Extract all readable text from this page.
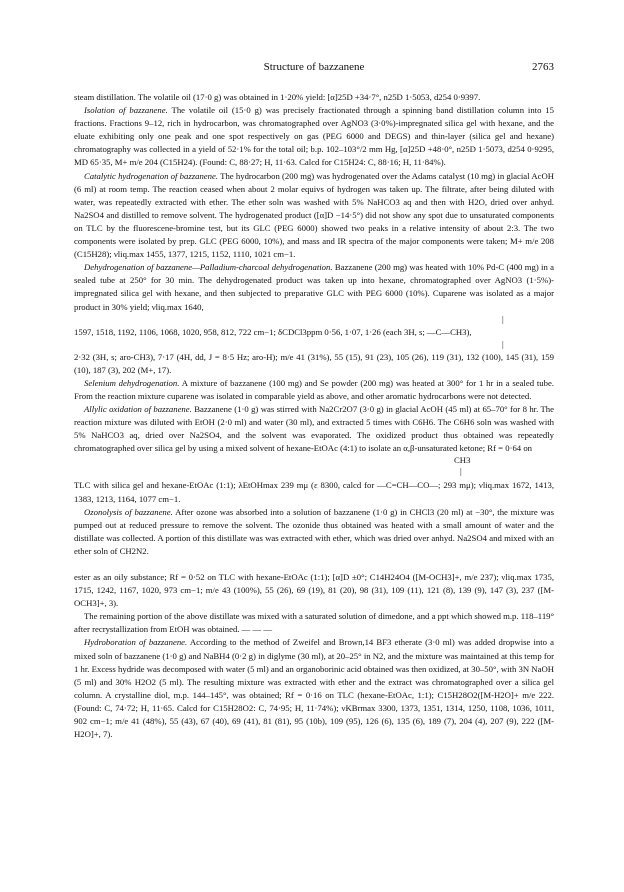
Structure of bazzanene	2763

steam distillation. The volatile oil (17·0 g) was obtained in 1·20% yield: [α]25D +34·7°, n25D 1·5053, d254 0·9397.

Isolation of bazzanene. The volatile oil (15·0 g) was precisely fractionated through a spinning band distillation column into 15 fractions. Fractions 9–12, rich in hydrocarbon, was chromatographed over AgNO3 (3·0%)-impregnated silica gel with hexane, and the eluate exhibiting only one peak and one spot respectively on gas (PEG 6000 and DEGS) and thin-layer (silica gel and hexane) chromatography was collected in a yield of 52·1% for the total oil; b.p. 102–103°/2 mm Hg, [α]25D +48·0°, n25D 1·5073, d254 0·9295, MD 65·35, M+ m/e 204 (C15H24). (Found: C, 88·27; H, 11·63. Calcd for C15H24: C, 88·16; H, 11·84%).

Catalytic hydrogenation of bazzanene. The hydrocarbon (200 mg) was hydrogenated over the Adams catalyst (10 mg) in glacial AcOH (6 ml) at room temp. The reaction ceased when about 2 molar equivs of hydrogen was taken up. The filtrate, after being diluted with water, was repeatedly extracted with ether. The ether soln was washed with 5% NaHCO3 aq and then with H2O, dried over anhyd. Na2SO4 and distilled to remove solvent. The hydrogenated product ([α]D −14·5°) did not show any spot due to unsaturated components on TLC by the fluorescene-bromine test, but its GLC (PEG 6000) showed two peaks in a relative intensity of about 2:3. The two components were isolated by prep. GLC (PEG 6000, 10%), and mass and IR spectra of the major components were taken; M+ m/e 208 (C15H28); νliq.max 1455, 1377, 1215, 1152, 1110, 1021 cm−1.

Dehydrogenation of bazzanene—Palladium-charcoal dehydrogenation. Bazzanene (200 mg) was heated with 10% Pd-C (400 mg) in a sealed tube at 250° for 30 min. The dehydrogenated product was taken up into hexane, chromatographed over AgNO3 (1·5%)-impregnated silica gel with hexane, and then subjected to preparative GLC with PEG 6000 (10%). Cuparene was isolated as a major product in 30% yield; νliq.max 1640,

|

1597, 1518, 1192, 1106, 1068, 1020, 958, 812, 722 cm−1; δCDCl3ppm 0·56, 1·07, 1·26 (each 3H, s; —C—CH3),

|

2·32 (3H, s; aro-CH3), 7·17 (4H, dd, J = 8·5 Hz; aro-H); m/e 41 (31%), 55 (15), 91 (23), 105 (26), 119 (31), 132 (100), 145 (31), 159 (10), 187 (3), 202 (M+, 17).

Selenium dehydrogenation. A mixture of bazzanene (100 mg) and Se powder (200 mg) was heated at 300° for 1 hr in a sealed tube. From the reaction mixture cuparene was isolated in comparable yield as above, and other aromatic hydrocarbons were not detected.

Allylic oxidation of bazzanene. Bazzanene (1·0 g) was stirred with Na2Cr2O7 (3·0 g) in glacial AcOH (45 ml) at 65–70° for 8 hr. The reaction mixture was diluted with EtOH (2·0 ml) and water (30 ml), and extracted 5 times with C6H6. The C6H6 soln was washed with 5% NaHCO3 aq, dried over Na2SO4, and the solvent was evaporated. The oxidized product thus obtained was repeatedly chromatographed over silica gel by using a mixed solvent of hexane-EtOAc (4:1) to isolate an α,β-unsaturated ketone; Rf = 0·64 on

CH3
|

TLC with silica gel and hexane-EtOAc (1:1); λEtOHmax 239 mμ (ε 8300, calcd for —C=CH—CO—; 293 mμ); νliq.max 1672, 1413, 1383, 1213, 1164, 1077 cm−1.

Ozonolysis of bazzanene. After ozone was absorbed into a solution of bazzanene (1·0 g) in CHCl3 (20 ml) at −30°, the mixture was pumped out at reduced pressure to remove the solvent. The ozonide thus obtained was heated with a small amount of water and the distillate was collected. A portion of this distillate was was extracted with ether, which was dried over anhyd. Na2SO4 and mixed with an ether soln of CH2N2.

ester as an oily substance; Rf = 0·52 on TLC with hexane-EtOAc (1:1); [α]D ±0°; C14H24O4 ([M-OCH3]+, m/e 237); νliq.max 1735, 1715, 1242, 1167, 1020, 973 cm−1; m/e 43 (100%), 55 (26), 69 (19), 81 (20), 98 (31), 109 (11), 121 (8), 139 (9), 147 (3), 237 ([M-OCH3]+, 3).

The remaining portion of the above distillate was mixed with a saturated solution of dimedone, and a ppt which showed m.p. 118–119° after recrystallization from EtOH was obtained. — — —

Hydroboration of bazzanene. According to the method of Zweifel and Brown,14 BF3 etherate (3·0 ml) was added dropwise into a mixed soln of bazzanene (1·0 g) and NaBH4 (0·2 g) in diglyme (30 ml), at 20–25° in N2, and the mixture was maintained at this temp for 1 hr. Excess hydride was decomposed with water (5 ml) and an organoborinic acid obtained was then oxidized, at 30–50°, with 3N NaOH (5 ml) and 30% H2O2 (5 ml). The resulting mixture was extracted with ether and the extract was chromatographed over a silica gel column. A crystalline diol, m.p. 144–145°, was obtained; Rf = 0·16 on TLC (hexane-EtOAc, 1:1); C15H28O2([M-H2O]+ m/e 222. (Found: C, 74·72; H, 11·65. Calcd for C15H28O2: C, 74·95; H, 11·74%); νKBrmax 3300, 1373, 1351, 1314, 1250, 1108, 1036, 1011, 902 cm−1; m/e 41 (48%), 55 (43), 67 (40), 69 (41), 81 (81), 95 (10b), 109 (95), 126 (6), 135 (6), 189 (7), 204 (4), 207 (9), 222 ([M-H2O]+, 7).
